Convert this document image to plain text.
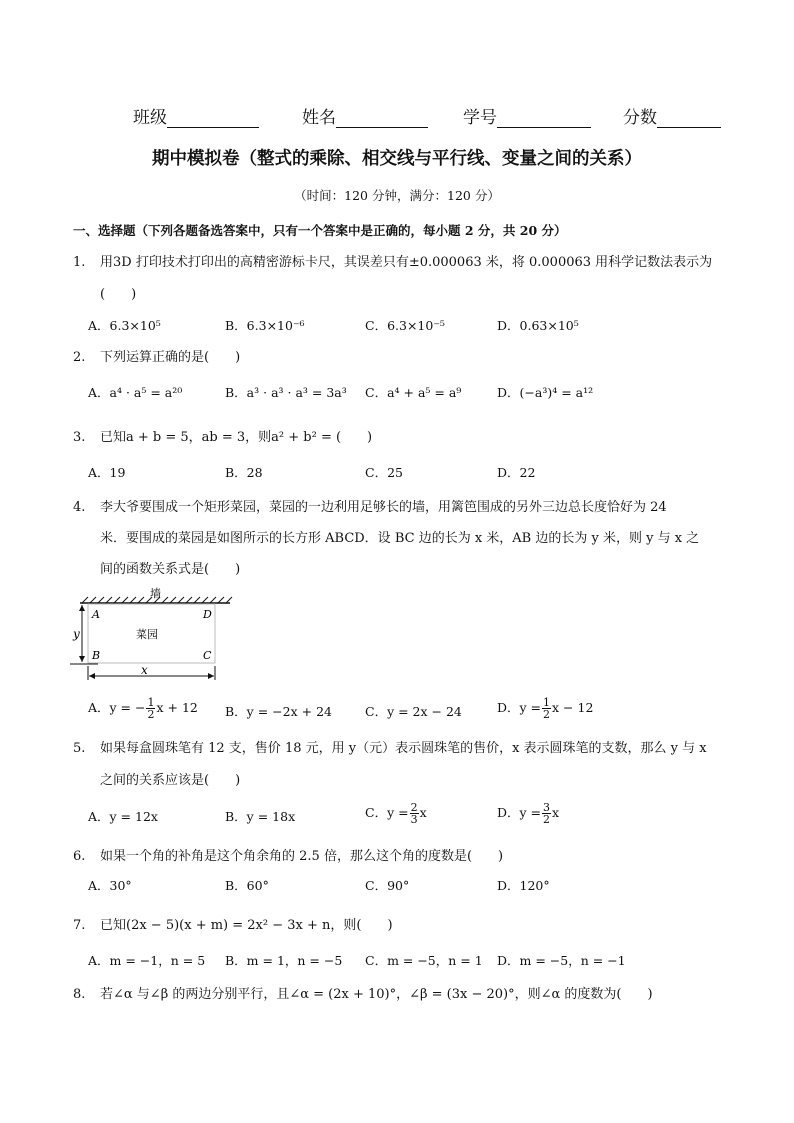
班级	姓名	学号	分数
期中模拟卷（整式的乘除、相交线与平行线、变量之间的关系）
（时间：120 分钟，满分：120 分）
一、选择题（下列各题备选答案中，只有一个答案中是正确的，每小题 2 分，共 20 分）
1. 用3D 打印技术打印出的高精密游标卡尺，其误差只有±0.000063 米，将 0.000063 用科学记数法表示为
(　　)
A．6.3×10⁵	B．6.3×10⁻⁶	C．6.3×10⁻⁵	D．0.63×10⁵
2. 下列运算正确的是(　　)
A．a⁴ · a⁵ = a²⁰	B．a³ · a³ · a³ = 3a³ C．a⁴ + a⁵ = a⁹	D．(−a³)⁴ = a¹²
3. 已知a + b = 5，ab = 3，则a² + b² = (　　)
A．19	B．28	C．25	D．22
4. 李大爷要围成一个矩形菜园，菜园的一边利用足够长的墙，用篱笆围成的另外三边总长度恰好为 24
米．要围成的菜园是如图所示的长方形 ABCD．设 BC 边的长为 x 米，AB 边的长为 y 米，则 y 与 x 之
间的函数关系式是(　　)
墙
A	D
B	C
菜园
y
x
A．y = − $\frac{1}{2}$ x + 12 B．y = −2x + 24	C．y = 2x − 24	D．$y = \frac{1}{2}$ x − 12
5. 如果每盒圆珠笔有 12 支，售价 18 元，用 y（元）表示圆珠笔的售价，x 表示圆珠笔的支数，那么 y 与 x
之间的关系应该是(　　)
A．y = 12x	B．y = 18x	C．$y = \frac{2}{3}$ x	D．$y = \frac{3}{2}$ x
6. 如果一个角的补角是这个角余角的 2.5 倍，那么这个角的度数是(　　)
A．30°	B．60°	C．90°	D．120°
7. 已知(2x − 5)(x + m) = 2x² − 3x + n，则(　　)
A．m = −1，n = 5 B．m = 1，n = −5 C．m = −5，n = 1 D．m = −5，n = −1
8. 若∠α 与∠β 的两边分别平行，且∠α = (2x + 10)°，∠β = (3x − 20)°，则∠α 的度数为(　　)
